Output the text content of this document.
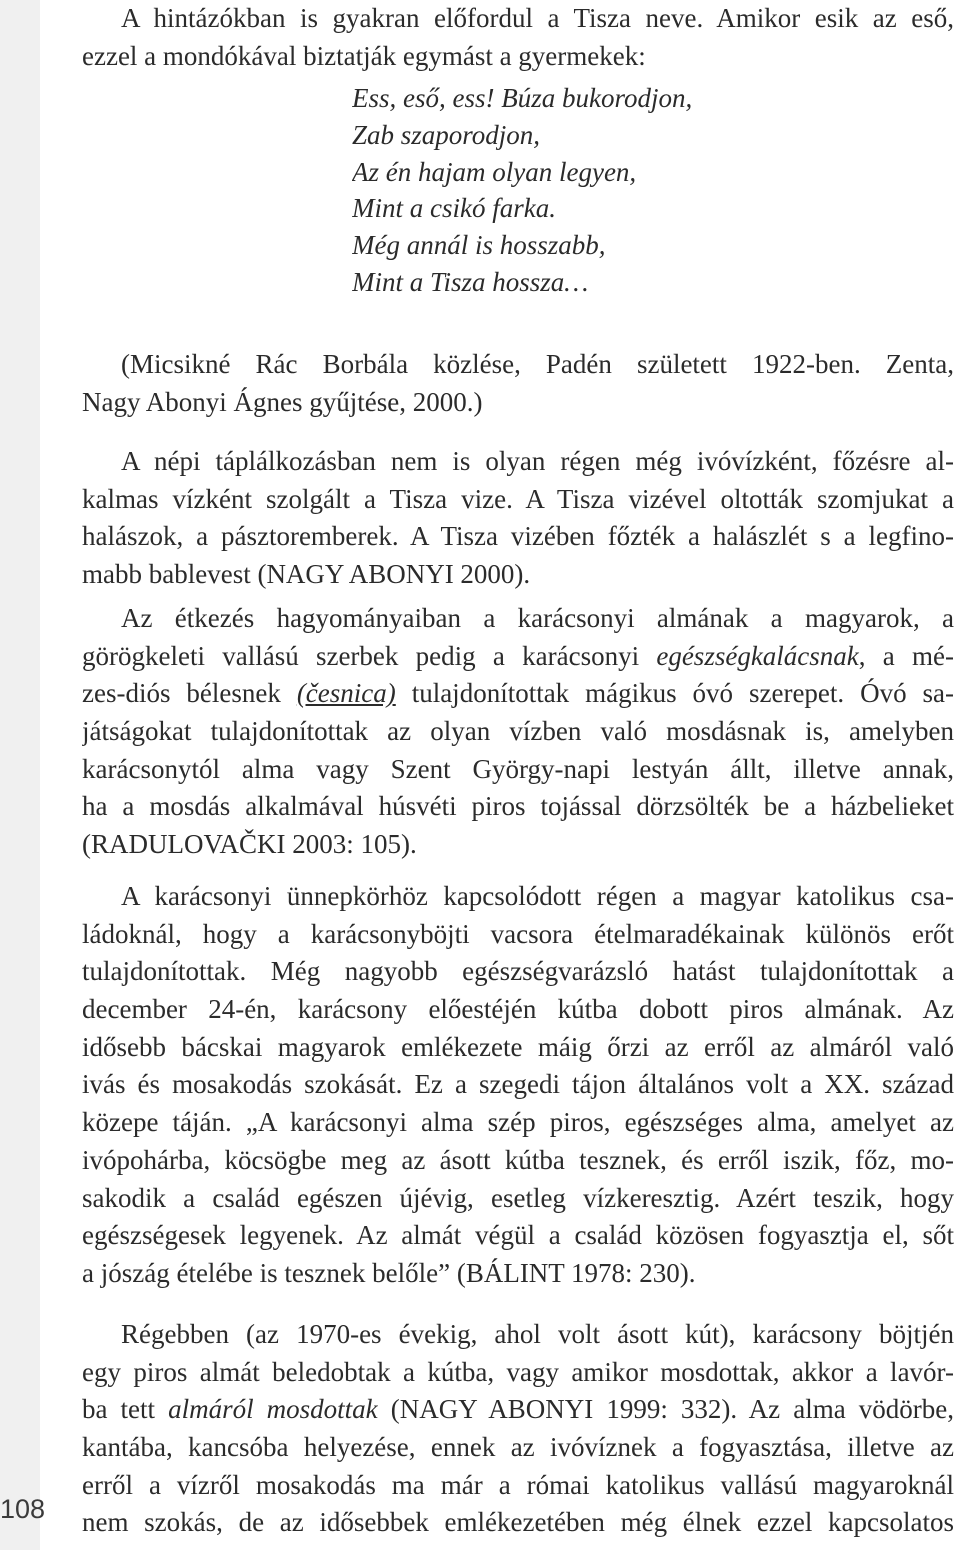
108
A hintázókban is gyakran előfordul a Tisza neve. Amikor esik az eső,
ezzel a mondókával biztatják egymást a gyermekek:
Ess, eső, ess! Búza bukorodjon,
Zab szaporodjon,
Az én hajam olyan legyen,
Mint a csikó farka.
Még annál is hosszabb,
Mint a Tisza hossza…
(Micsikné Rác Borbála közlése, Padén született 1922-ben. Zenta,
Nagy Abonyi Ágnes gyűjtése, 2000.)
A népi táplálkozásban nem is olyan régen még ivóvízként, főzésre al-
kalmas vízként szolgált a Tisza vize. A Tisza vizével oltották szomjukat a
halászok, a pásztoremberek. A Tisza vizében főzték a halászlét s a legfino-
mabb bablevest (NAGY ABONYI 2000).
Az étkezés hagyományaiban a karácsonyi almának a magyarok, a
görögkeleti vallású szerbek pedig a karácsonyi egészségkalácsnak, a mé-
zes-diós bélesnek (česnica) tulajdonítottak mágikus óvó szerepet. Óvó sa-
játságokat tulajdonítottak az olyan vízben való mosdásnak is, amelyben
karácsonytól alma vagy Szent György-napi lestyán állt, illetve annak,
ha a mosdás alkalmával húsvéti piros tojással dörzsölték be a házbelieket
(RADULOVAČKI 2003: 105).
A karácsonyi ünnepkörhöz kapcsolódott régen a magyar katolikus csa-
ládoknál, hogy a karácsonyböjti vacsora ételmaradékainak különös erőt
tulajdonítottak. Még nagyobb egészségvarázsló hatást tulajdonítottak a
december 24-én, karácsony előestéjén kútba dobott piros almának. Az
idősebb bácskai magyarok emlékezete máig őrzi az erről az almáról való
ivás és mosakodás szokását. Ez a szegedi tájon általános volt a XX. század
közepe táján. „A karácsonyi alma szép piros, egészséges alma, amelyet az
ivópohárba, köcsögbe meg az ásott kútba tesznek, és erről iszik, főz, mo-
sakodik a család egészen újévig, esetleg vízkeresztig. Azért teszik, hogy
egészségesek legyenek. Az almát végül a család közösen fogyasztja el, sőt
a jószág ételébe is tesznek belőle” (BÁLINT 1978: 230).
Régebben (az 1970-es évekig, ahol volt ásott kút), karácsony böjtjén
egy piros almát beledobtak a kútba, vagy amikor mosdottak, akkor a lavór-
ba tett almáról mosdottak (NAGY ABONYI 1999: 332). Az alma vödörbe,
kantába, kancsóba helyezése, ennek az ivóvíznek a fogyasztása, illetve az
erről a vízről mosakodás ma már a római katolikus vallású magyaroknál
nem szokás, de az idősebbek emlékezetében még élnek ezzel kapcsolatos
